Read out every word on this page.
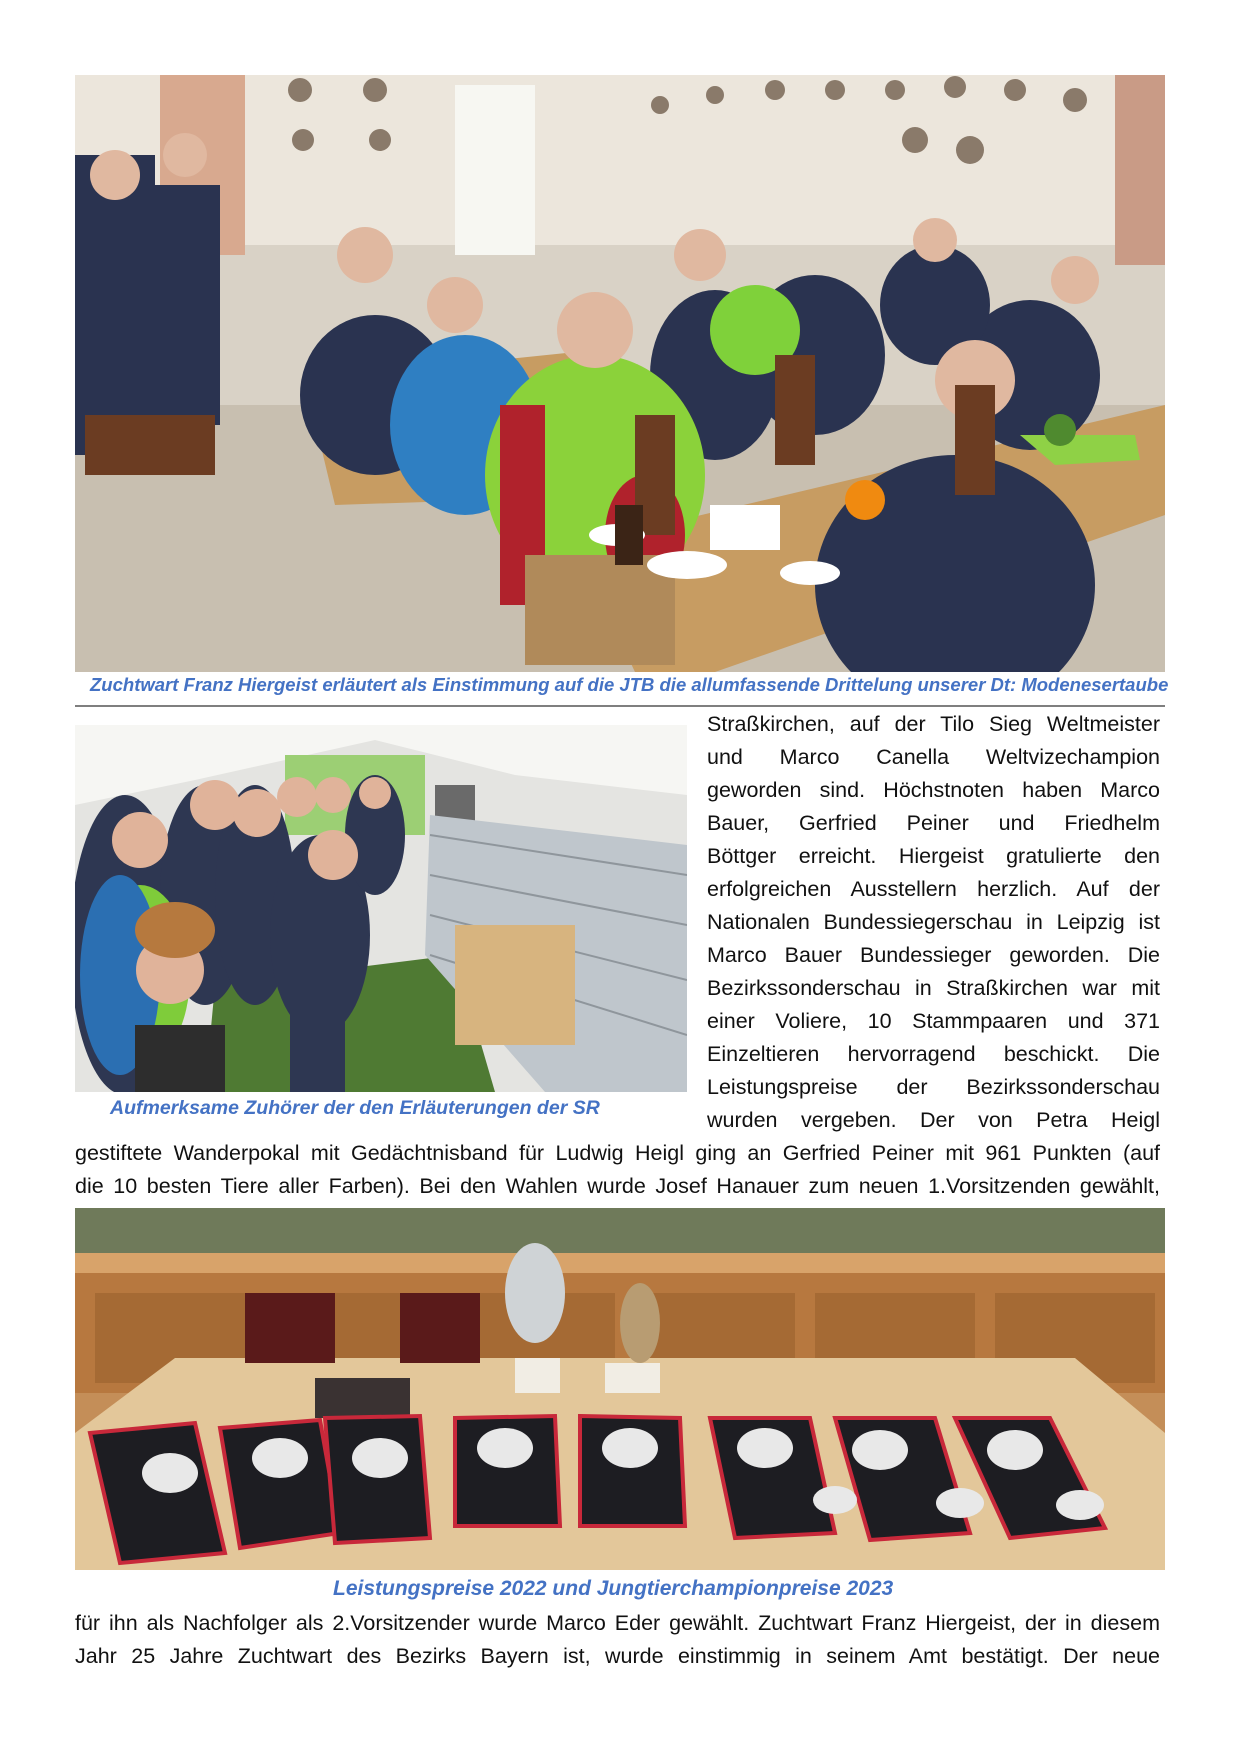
Zuchtwart Franz Hiergeist erläutert als Einstimmung auf die JTB die allumfassende Drittelung unserer Dt: Modenesertaube
Aufmerksame Zuhörer der den Erläuterungen der SR
Straßkirchen, auf der Tilo Sieg Weltmeister
und Marco Canella Weltvizechampion
geworden sind. Höchstnoten haben Marco
Bauer, Gerfried Peiner und Friedhelm
Böttger erreicht. Hiergeist gratulierte den
erfolgreichen Ausstellern herzlich. Auf der
Nationalen Bundessiegerschau in Leipzig ist
Marco Bauer Bundessieger geworden. Die
Bezirkssonderschau in Straßkirchen war mit
einer Voliere, 10 Stammpaaren und 371
Einzeltieren hervorragend beschickt. Die
Leistungspreise der Bezirkssonderschau
wurden vergeben. Der von Petra Heigl
gestiftete Wanderpokal mit Gedächtnisband für Ludwig Heigl ging an Gerfried Peiner mit 961 Punkten (auf
die 10 besten Tiere aller Farben). Bei den Wahlen wurde Josef Hanauer zum neuen 1.Vorsitzenden gewählt,
Leistungspreise 2022 und Jungtierchampionpreise 2023
für ihn als Nachfolger als 2.Vorsitzender wurde Marco Eder gewählt. Zuchtwart Franz Hiergeist, der in diesem
Jahr 25 Jahre Zuchtwart des Bezirks Bayern ist, wurde einstimmig in seinem Amt bestätigt. Der neue
